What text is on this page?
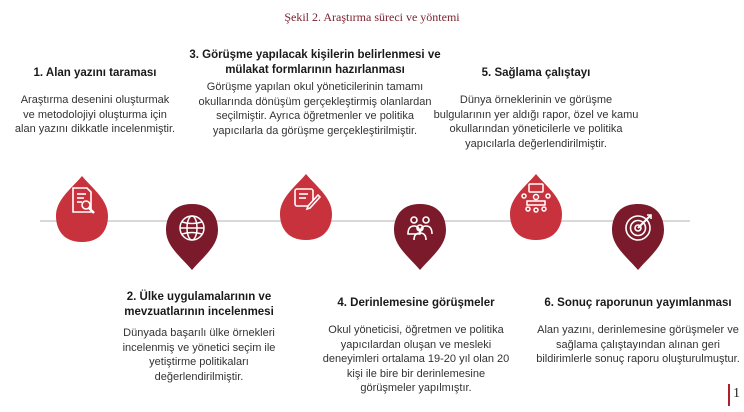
Şekil 2. Araştırma süreci ve yöntemi
1. Alan yazını taraması
Araştırma desenini oluşturmak ve metodolojiyi oluşturma için alan yazını dikkatle incelenmiştir.
2. Ülke uygulamalarının ve mevzuatlarının incelenmesi
Dünyada başarılı ülke örnekleri incelenmiş ve yönetici seçim ile yetiştirme politikaları değerlendirilmiştir.
3. Görüşme yapılacak kişilerin belirlenmesi ve mülakat formlarının hazırlanması
Görüşme yapılan okul yöneticilerinin tamamı okullarında dönüşüm gerçekleştirmiş olanlardan seçilmiştir. Ayrıca öğretmenler ve politika yapıcılarla da görüşme gerçekleştirilmiştir.
4. Derinlemesine görüşmeler
Okul yöneticisi, öğretmen ve politika yapıcılardan oluşan ve mesleki deneyimleri ortalama 19-20 yıl olan 20 kişi ile bire bir derinlemesine görüşmeler yapılmıştır.
5. Sağlama çalıştayı
Dünya örneklerinin ve görüşme bulgularının yer aldığı rapor, özel ve kamu okullarından yöneticilerle ve politika yapıcılarla değerlendirilmiştir.
6. Sonuç raporunun yayımlanması
Alan yazını, derinlemesine görüşmeler ve sağlama çalıştayından alınan geri bildirimlerle sonuç raporu oluşturulmuştur.
1
